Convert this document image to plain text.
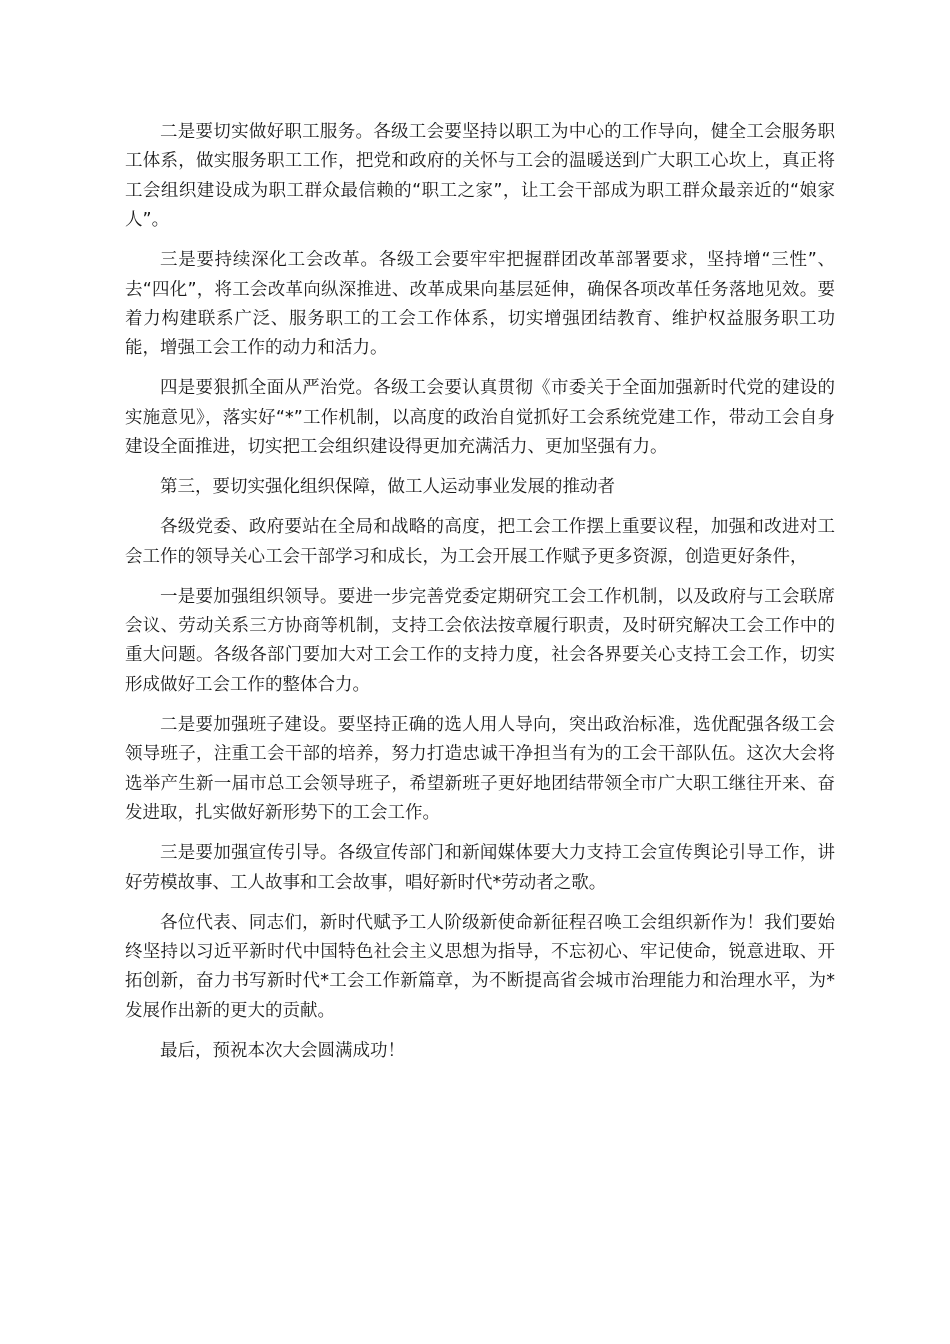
二是要切实做好职工服务。各级工会要坚持以职工为中心的工作导向，健全工会服务职工体系，做实服务职工工作，把党和政府的关怀与工会的温暖送到广大职工心坎上，真正将工会组织建设成为职工群众最信赖的“职工之家”，让工会干部成为职工群众最亲近的“娘家人”。

三是要持续深化工会改革。各级工会要牢牢把握群团改革部署要求，坚持增“三性”、去“四化”，将工会改革向纵深推进、改革成果向基层延伸，确保各项改革任务落地见效。要着力构建联系广泛、服务职工的工会工作体系，切实增强团结教育、维护权益服务职工功能，增强工会工作的动力和活力。

四是要狠抓全面从严治党。各级工会要认真贯彻《市委关于全面加强新时代党的建设的实施意见》，落实好“*”工作机制，以高度的政治自觉抓好工会系统党建工作，带动工会自身建设全面推进，切实把工会组织建设得更加充满活力、更加坚强有力。

第三，要切实强化组织保障，做工人运动事业发展的推动者

各级党委、政府要站在全局和战略的高度，把工会工作摆上重要议程，加强和改进对工会工作的领导关心工会干部学习和成长，为工会开展工作赋予更多资源，创造更好条件，

一是要加强组织领导。要进一步完善党委定期研究工会工作机制，以及政府与工会联席会议、劳动关系三方协商等机制，支持工会依法按章履行职责，及时研究解决工会工作中的重大问题。各级各部门要加大对工会工作的支持力度，社会各界要关心支持工会工作，切实形成做好工会工作的整体合力。

二是要加强班子建设。要坚持正确的选人用人导向，突出政治标准，选优配强各级工会领导班子，注重工会干部的培养，努力打造忠诚干净担当有为的工会干部队伍。这次大会将选举产生新一届市总工会领导班子，希望新班子更好地团结带领全市广大职工继往开来、奋发进取，扎实做好新形势下的工会工作。

三是要加强宣传引导。各级宣传部门和新闻媒体要大力支持工会宣传舆论引导工作，讲好劳模故事、工人故事和工会故事，唱好新时代*劳动者之歌。

各位代表、同志们，新时代赋予工人阶级新使命新征程召唤工会组织新作为！我们要始终坚持以习近平新时代中国特色社会主义思想为指导，不忘初心、牢记使命，锐意进取、开拓创新，奋力书写新时代*工会工作新篇章，为不断提高省会城市治理能力和治理水平，为*发展作出新的更大的贡献。

最后，预祝本次大会圆满成功！
